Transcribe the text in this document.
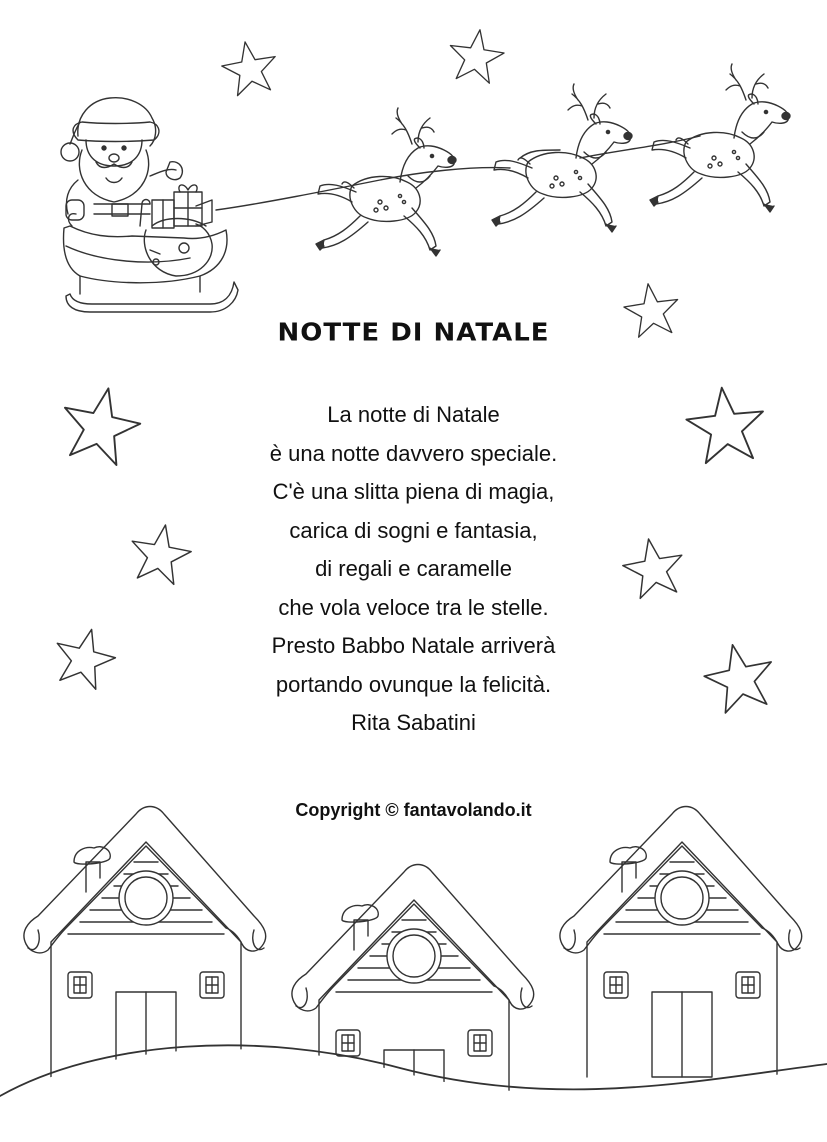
NOTTE DI NATALE
La notte di Natale
è una notte davvero speciale.
C'è una slitta piena di magia,
carica di sogni e fantasia,
di regali e caramelle
che vola veloce tra le stelle.
Presto Babbo Natale arriverà
portando ovunque la felicità.
Rita Sabatini
Copyright © fantavolando.it
